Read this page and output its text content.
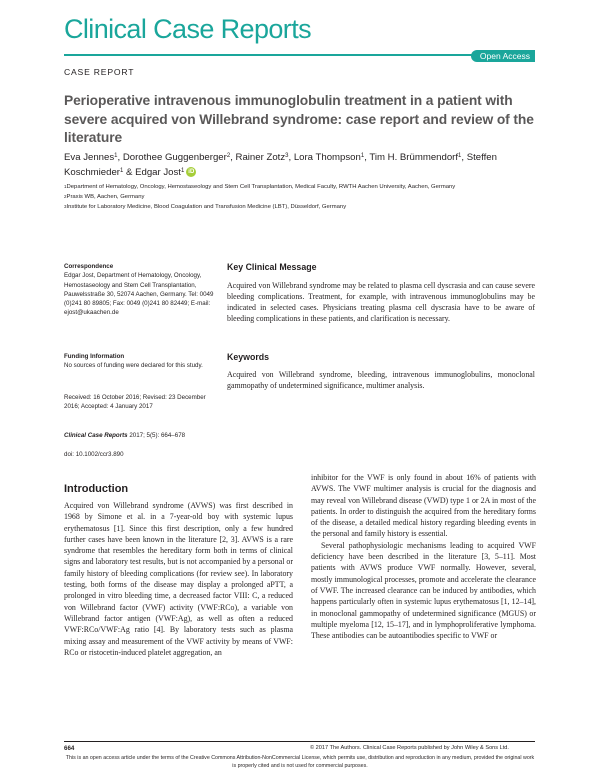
Clinical Case Reports
Open Access
CASE REPORT
Perioperative intravenous immunoglobulin treatment in a patient with severe acquired von Willebrand syndrome: case report and review of the literature
Eva Jennes$^1$, Dorothee Guggenberger$^2$, Rainer Zotz$^3$, Lora Thompson$^1$, Tim H. Brümmendorf$^1$, Steffen Koschmieder$^1$ & Edgar Jost$^1$ iD
$^1$Department of Hematology, Oncology, Hemostaseology and Stem Cell Transplantation, Medical Faculty, RWTH Aachen University, Aachen, Germany
$^2$Praxis WB, Aachen, Germany
$^3$Institute for Laboratory Medicine, Blood Coagulation and Transfusion Medicine (LBT), Düsseldorf, Germany
Correspondence
Edgar Jost, Department of Hematology, Oncology, Hemostaseology and Stem Cell Transplantation, Pauwelsstraße 30, 52074 Aachen, Germany. Tel: 0049 (0)241 80 89805; Fax: 0049 (0)241 80 82449; E-mail: ejost@ukaachen.de
Funding Information
No sources of funding were declared for this study.
Received: 16 October 2016; Revised: 23 December 2016; Accepted: 4 January 2017
Clinical Case Reports 2017; 5(5): 664–678
doi: 10.1002/ccr3.890
Key Clinical Message
Acquired von Willebrand syndrome may be related to plasma cell dyscrasia and can cause severe bleeding complications. Treatment, for example, with intravenous immunoglobulins may be indicated in selected cases. Physicians treating plasma cell dyscrasia have to be aware of bleeding complications in these patients, and clarification is necessary.
Keywords
Acquired von Willebrand syndrome, bleeding, intravenous immunoglobulins, monoclonal gammopathy of undetermined significance, multimer analysis.
Introduction

Acquired von Willebrand syndrome (AVWS) was first described in 1968 by Simone et al. in a 7-year-old boy with systemic lupus erythematosus [1]. Since this first description, only a few hundred further cases have been known in the literature [2, 3]. AVWS is a rare syndrome that resembles the hereditary form both in terms of clinical signs and laboratory test results, but is not accompanied by a personal or family history of bleeding complications (for review see). In laboratory testing, both forms of the disease may display a prolonged aPTT, a prolonged in vitro bleeding time, a decreased factor VIII: C, a reduced von Willebrand factor (VWF) activity (VWF:RCo), a variable von Willebrand factor antigen (VWF:Ag), as well as often a reduced VWF:RCo/VWF:Ag ratio [4]. By laboratory tests such as plasma mixing assay and measurement of the VWF activity by means of VWF: RCo or ristocetin-induced platelet aggregation, an

inhibitor for the VWF is only found in about 16% of patients with AVWS. The VWF multimer analysis is crucial for the diagnosis and may reveal von Willebrand disease (VWD) type 1 or 2A in most of the patients. In order to distinguish the acquired from the hereditary forms of the disease, a detailed medical history regarding bleeding events in the personal and family history is essential.

Several pathophysiologic mechanisms leading to acquired VWF deficiency have been described in the literature [3, 5–11]. Most patients with AVWS produce VWF normally. However, several, mostly immunological processes, promote and accelerate the clearance of VWF. The increased clearance can be induced by antibodies, which happens particularly often in systemic lupus erythematosus [1, 12–14], in monoclonal gammopathy of undetermined significance (MGUS) or multiple myeloma [12, 15–17], and in lymphoproliferative lymphoma. These antibodies can be autoantibodies specific to VWF or

664	© 2017 The Authors. Clinical Case Reports published by John Wiley & Sons Ltd.
This is an open access article under the terms of the Creative Commons Attribution-NonCommercial License, which permits use, distribution and reproduction in any medium, provided the original work is properly cited and is not used for commercial purposes.
